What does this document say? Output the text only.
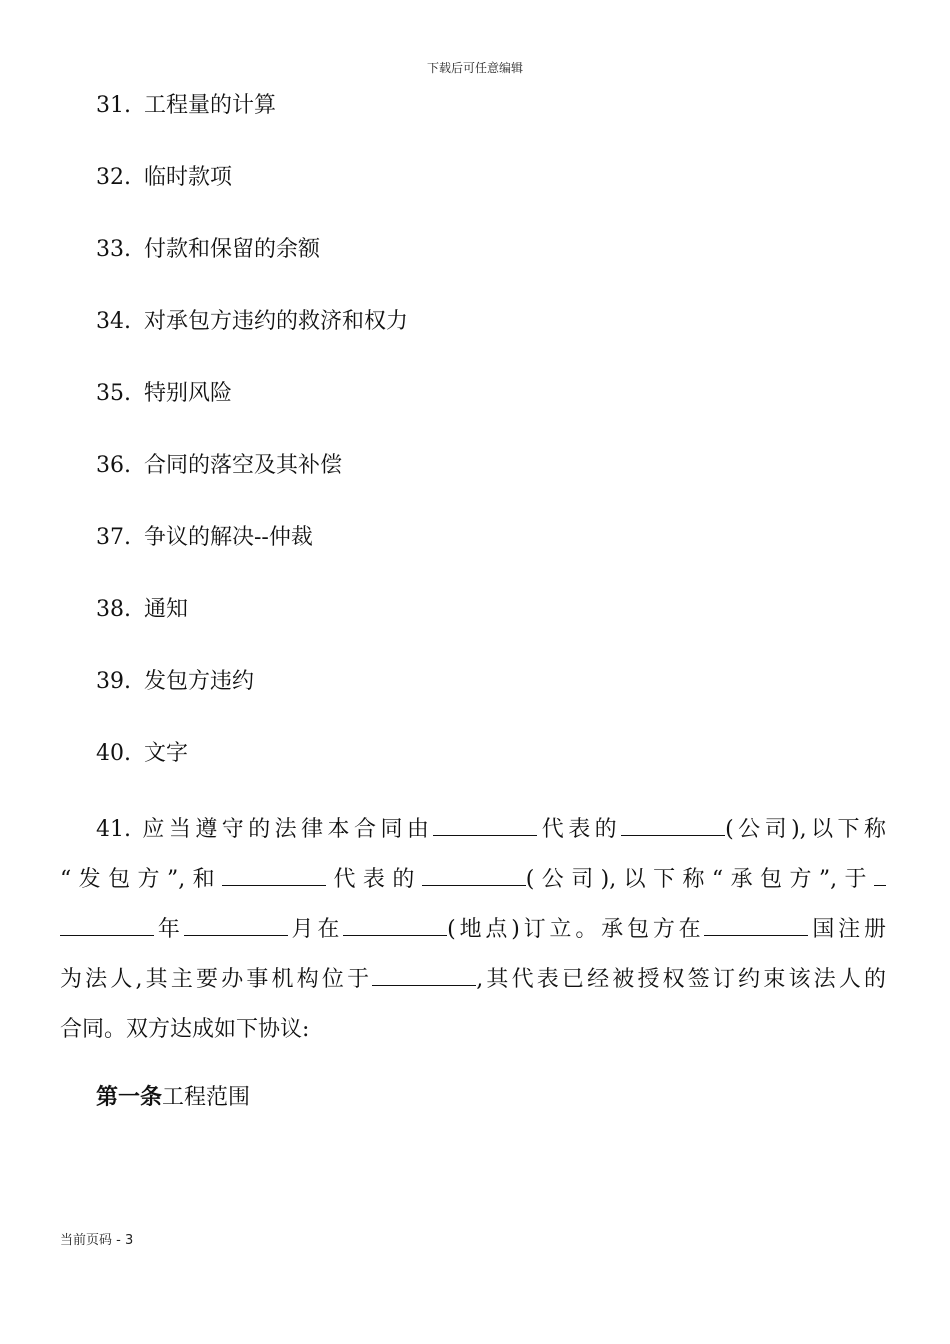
下载后可任意编辑
31. 工程量的计算
32. 临时款项
33. 付款和保留的余额
34. 对承包方违约的救济和权力
35. 特别风险
36. 合同的落空及其补偿
37. 争议的解决--仲裁
38. 通知
39. 发包方违约
40. 文字
41. 应当遵守的法律本合同由	代表的	(公司),以下称
“发包方”,和	代表的	(公司),以下称“承包方”,于
年	月在	(地点)订立。承包方在	国注册
为法人,其主要办事机构位于	,其代表已经被授权签订约束该法人的
合同。双方达成如下协议:
第一条工程范围
当前页码 - 3
